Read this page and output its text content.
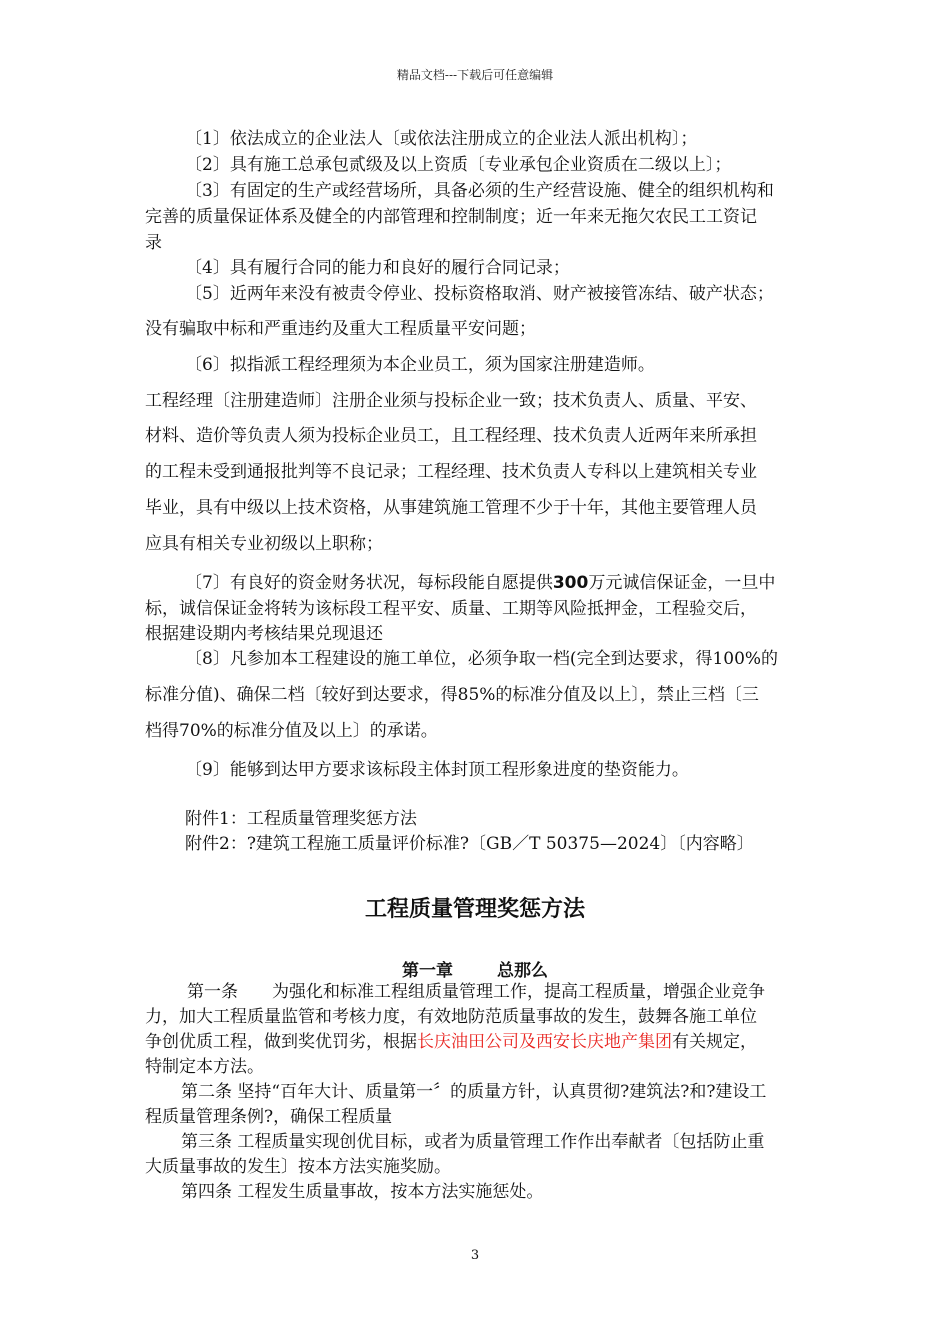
精品文档---下载后可任意编辑
〔1〕依法成立的企业法人〔或依法注册成立的企业法人派出机构〕；
〔2〕具有施工总承包贰级及以上资质〔专业承包企业资质在二级以上〕；
〔3〕有固定的生产或经营场所，具备必须的生产经营设施、健全的组织机构和
完善的质量保证体系及健全的内部管理和控制制度；近一年来无拖欠农民工工资记
录
〔4〕具有履行合同的能力和良好的履行合同记录；
〔5〕近两年来没有被责令停业、投标资格取消、财产被接管冻结、破产状态；
没有骗取中标和严重违约及重大工程质量平安问题；
〔6〕拟指派工程经理须为本企业员工，须为国家注册建造师。
工程经理〔注册建造师〕注册企业须与投标企业一致；技术负责人、质量、平安、
材料、造价等负责人须为投标企业员工，且工程经理、技术负责人近两年来所承担
的工程未受到通报批判等不良记录；工程经理、技术负责人专科以上建筑相关专业
毕业，具有中级以上技术资格，从事建筑施工管理不少于十年，其他主要管理人员
应具有相关专业初级以上职称；
〔7〕有良好的资金财务状况，每标段能自愿提供300万元诚信保证金，一旦中
标，诚信保证金将转为该标段工程平安、质量、工期等风险抵押金，工程验交后，
根据建设期内考核结果兑现退还
〔8〕凡参加本工程建设的施工单位，必须争取一档(完全到达要求，得100%的
标准分值)、确保二档〔较好到达要求，得85%的标准分值及以上〕，禁止三档〔三
档得70%的标准分值及以上〕的承诺。
〔9〕能够到达甲方要求该标段主体封顶工程形象进度的垫资能力。
附件1：工程质量管理奖惩方法
附件2：?建筑工程施工质量评价标准?〔GB／T 50375—2024〕〔内容略〕
工程质量管理奖惩方法
第一章	总那么
第一条　　为强化和标准工程组质量管理工作，提高工程质量，增强企业竞争
力，加大工程质量监管和考核力度，有效地防范质量事故的发生，鼓舞各施工单位
争创优质工程，做到奖优罚劣，根据长庆油田公司及西安长庆地产集团有关规定，
特制定本方法。
第二条 坚持“百年大计、质量第一〞的质量方针，认真贯彻?建筑法?和?建设工
程质量管理条例?，确保工程质量
第三条 工程质量实现创优目标，或者为质量管理工作作出奉献者〔包括防止重
大质量事故的发生〕按本方法实施奖励。
第四条 工程发生质量事故，按本方法实施惩处。
3
